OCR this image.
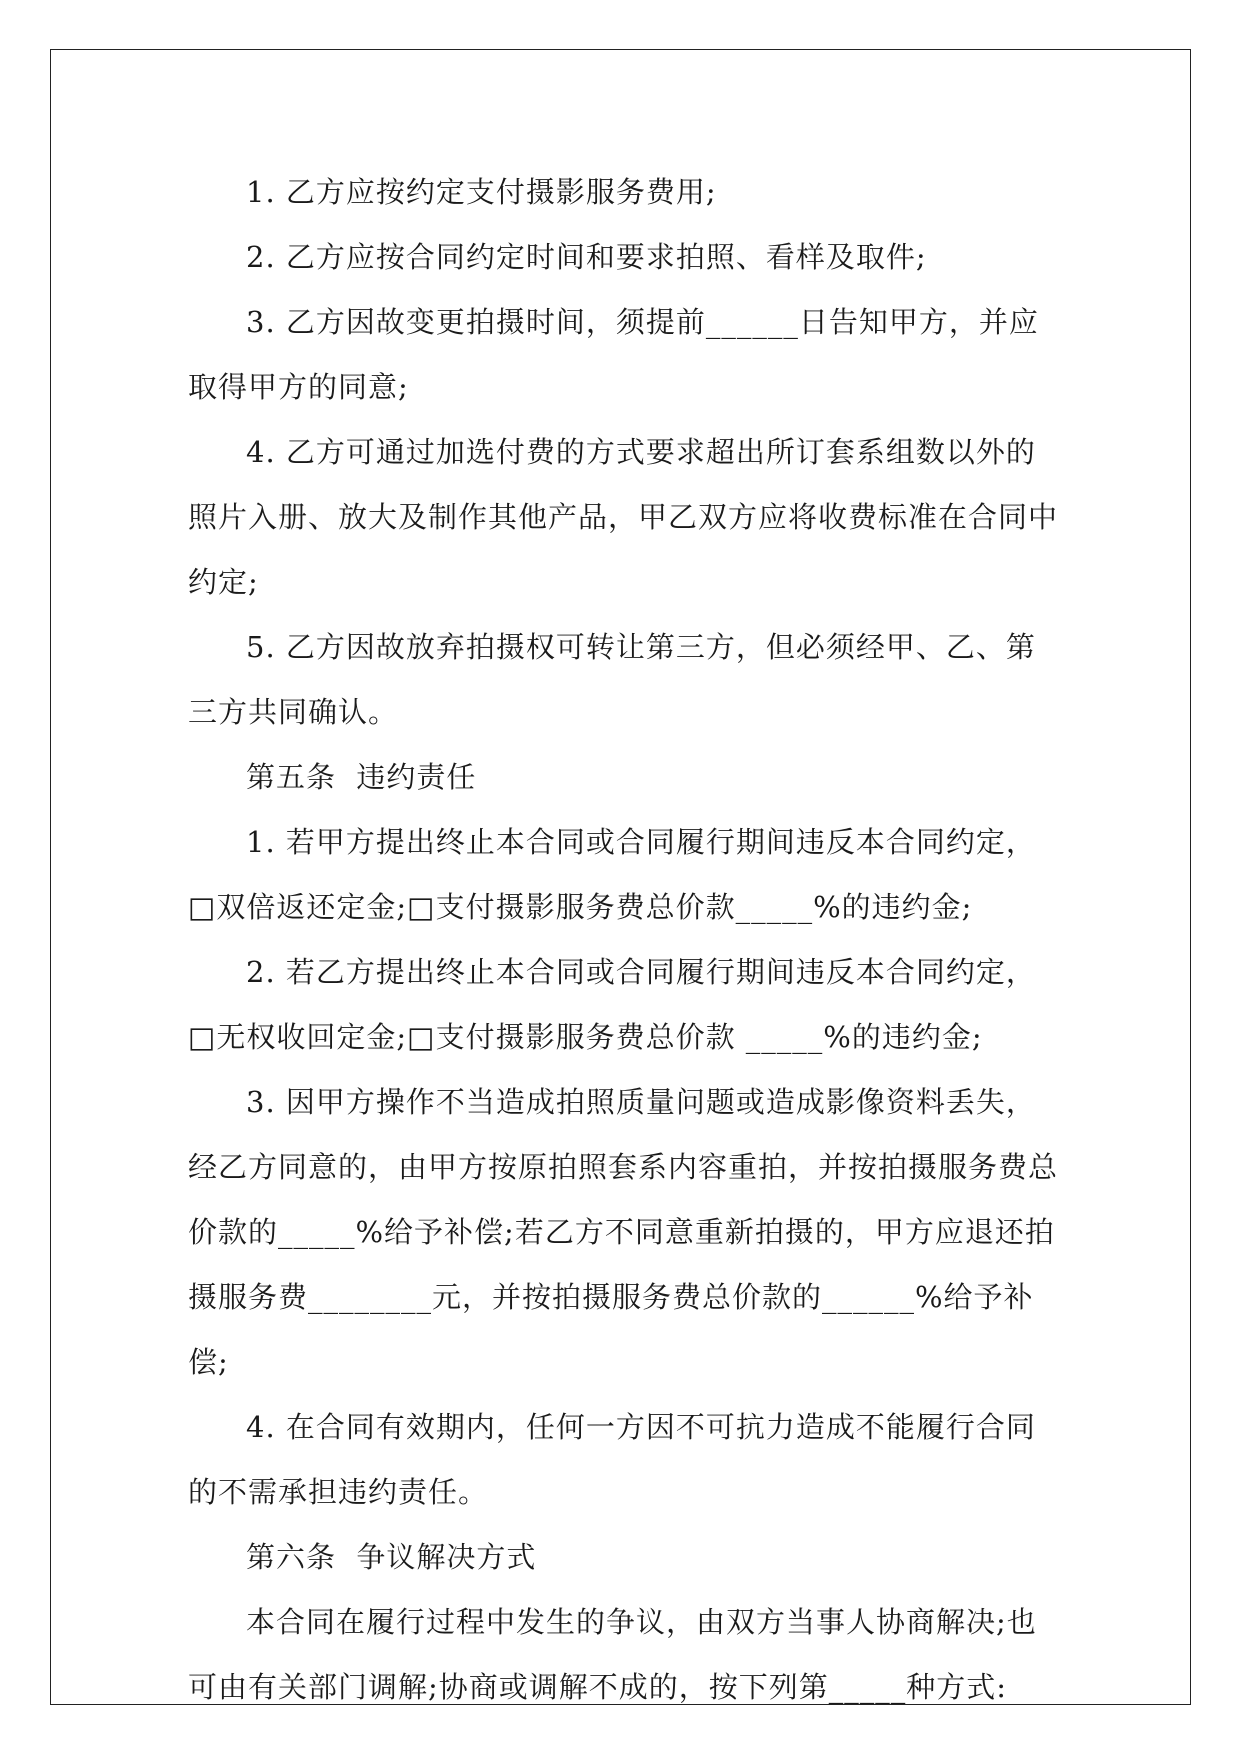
1. 乙方应按约定支付摄影服务费用;

2. 乙方应按合同约定时间和要求拍照、看样及取件;

3. 乙方因故变更拍摄时间，须提前______日告知甲方，并应取得甲方的同意;

4. 乙方可通过加选付费的方式要求超出所订套系组数以外的照片入册、放大及制作其他产品，甲乙双方应将收费标准在合同中约定;

5. 乙方因故放弃拍摄权可转让第三方，但必须经甲、乙、第三方共同确认。

第五条  违约责任

1. 若甲方提出终止本合同或合同履行期间违反本合同约定，□双倍返还定金;□支付摄影服务费总价款_____%的违约金;

2. 若乙方提出终止本合同或合同履行期间违反本合同约定，□无权收回定金;□支付摄影服务费总价款 _____%的违约金;

3. 因甲方操作不当造成拍照质量问题或造成影像资料丢失，经乙方同意的，由甲方按原拍照套系内容重拍，并按拍摄服务费总价款的_____%给予补偿;若乙方不同意重新拍摄的，甲方应退还拍摄服务费________元，并按拍摄服务费总价款的______%给予补偿;

4. 在合同有效期内，任何一方因不可抗力造成不能履行合同的不需承担违约责任。

第六条  争议解决方式

本合同在履行过程中发生的争议，由双方当事人协商解决;也可由有关部门调解;协商或调解不成的，按下列第_____种方式:
